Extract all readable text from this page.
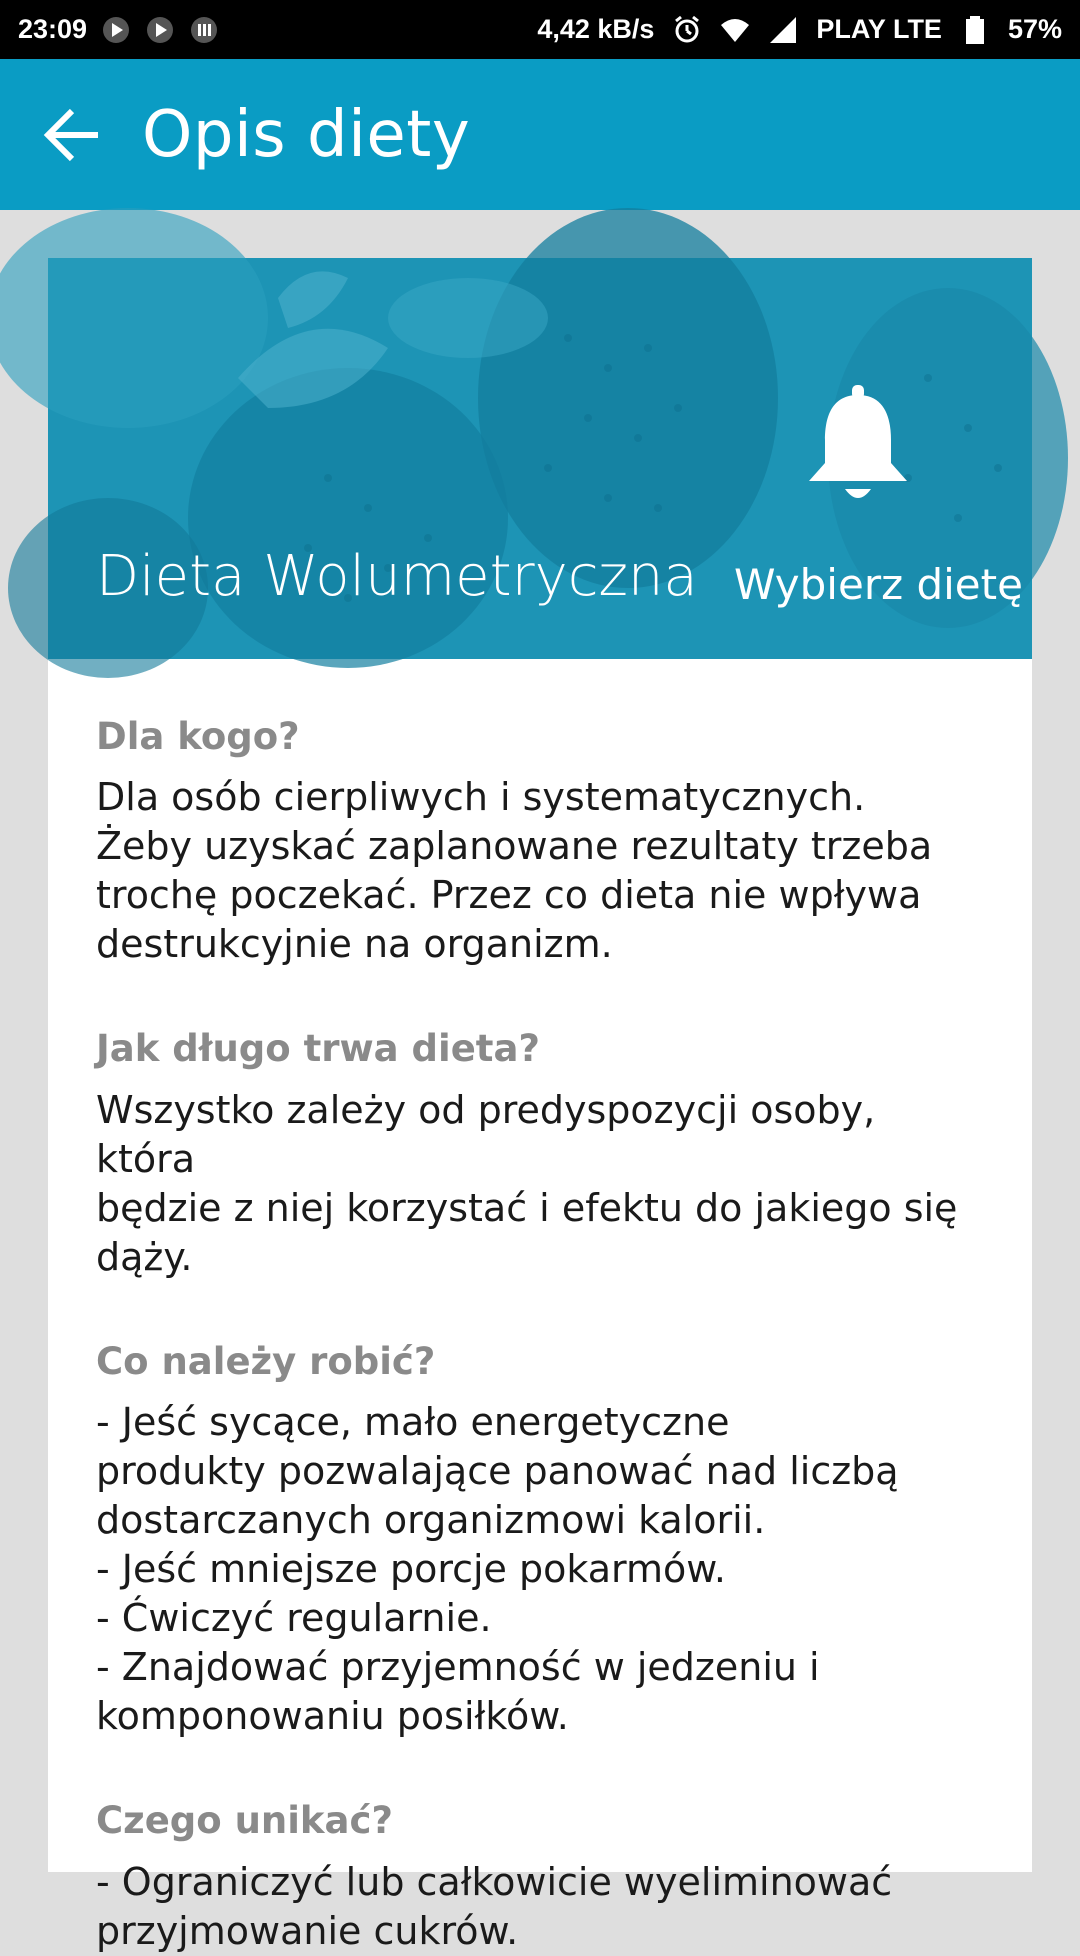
23:09	4,42 kB/s	PLAY LTE 57%
Opis diety
Dieta Wolumetryczna Wybierz dietę
Dla kogo?
Dla osób cierpliwych i systematycznych.
Żeby uzyskać zaplanowane rezultaty trzeba
trochę poczekać. Przez co dieta nie wpływa
destrukcyjnie na organizm.
Jak długo trwa dieta?
Wszystko zależy od predyspozycji osoby, która
będzie z niej korzystać i efektu do jakiego się
dąży.
Co należy robić?
- Jeść sycące, mało energetyczne
produkty pozwalające panować nad liczbą
dostarczanych organizmowi kalorii.
- Jeść mniejsze porcje pokarmów.
- Ćwiczyć regularnie.
- Znajdować przyjemność w jedzeniu i
komponowaniu posiłków.
Czego unikać?
- Ograniczyć lub całkowicie wyeliminować
przyjmowanie cukrów.
